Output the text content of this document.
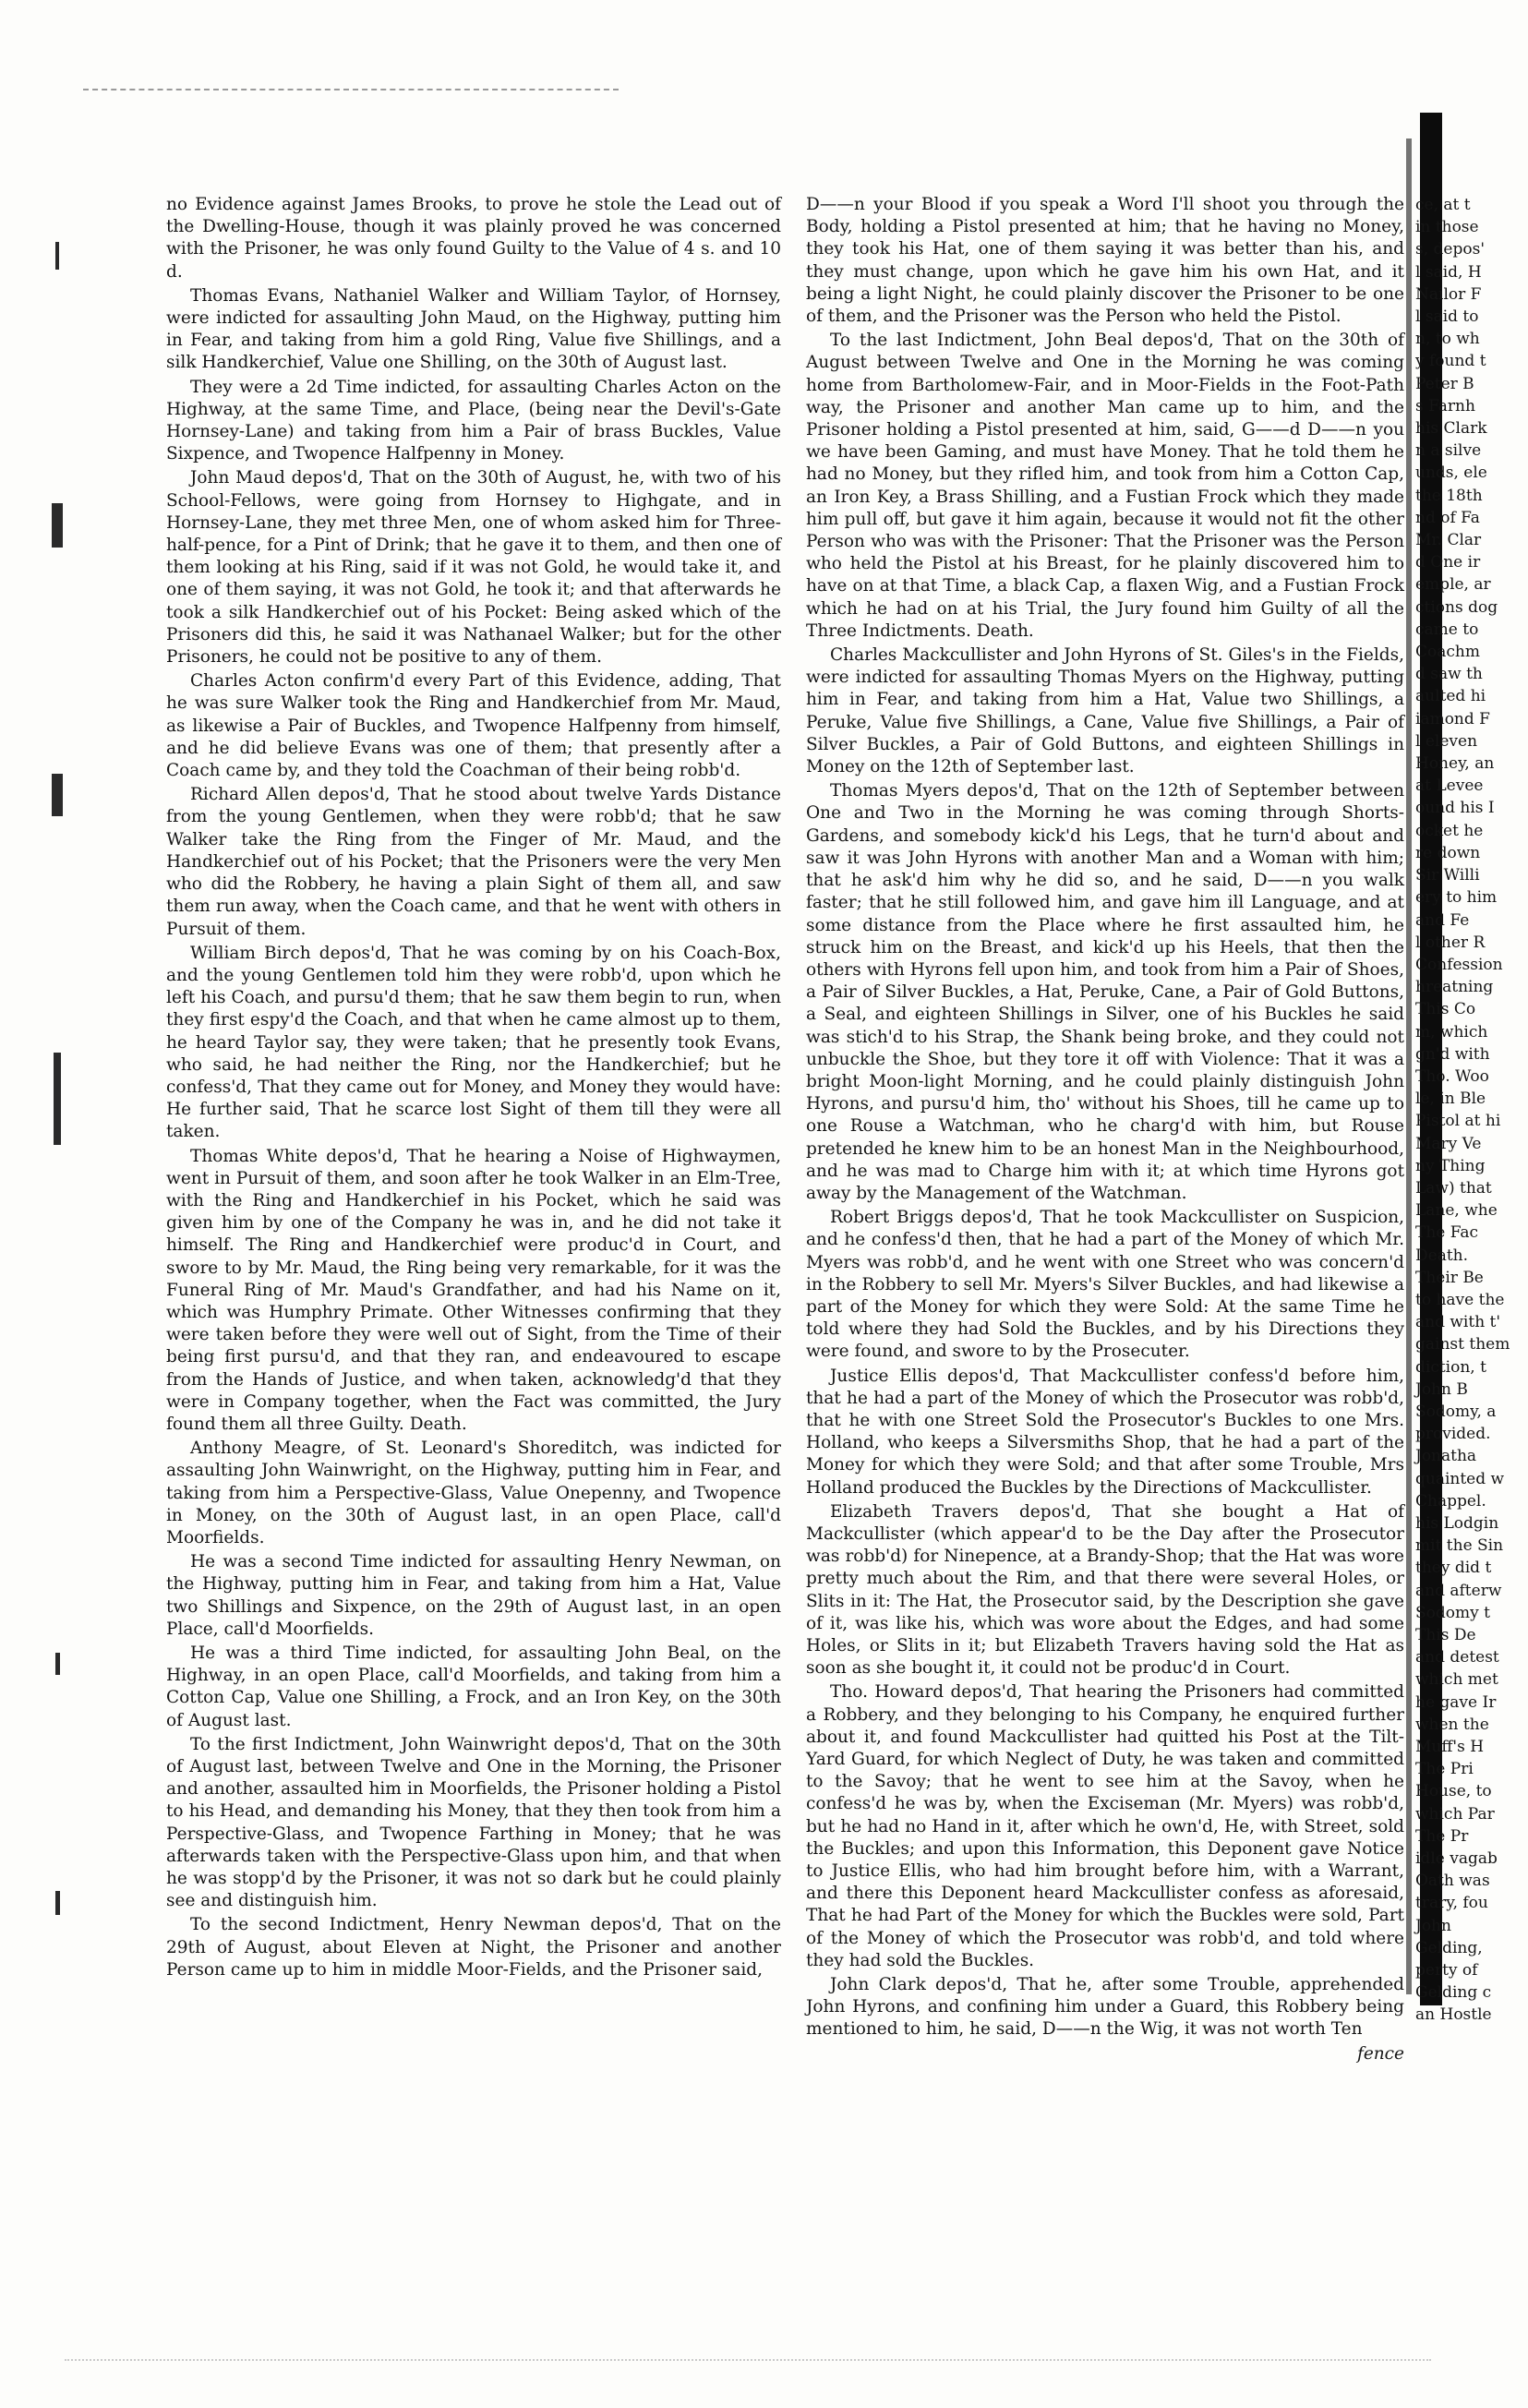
no Evidence against James Brooks, to prove he stole the Lead out of the Dwelling-House, though it was plainly proved he was concerned with the Prisoner, he was only found Guilty to the Value of 4 s. and 10 d.

Thomas Evans, Nathaniel Walker and William Taylor, of Hornsey, were indicted for assaulting John Maud, on the Highway, putting him in Fear, and taking from him a gold Ring, Value five Shillings, and a silk Handkerchief, Value one Shilling, on the 30th of August last.

They were a 2d Time indicted, for assaulting Charles Acton on the Highway, at the same Time, and Place, (being near the Devil's-Gate Hornsey-Lane) and taking from him a Pair of brass Buckles, Value Sixpence, and Twopence Halfpenny in Money.

John Maud depos'd, That on the 30th of August, he, with two of his School-Fellows, were going from Hornsey to Highgate, and in Hornsey-Lane, they met three Men, one of whom asked him for Three-half-pence, for a Pint of Drink; that he gave it to them, and then one of them looking at his Ring, said if it was not Gold, he would take it, and one of them saying, it was not Gold, he took it; and that afterwards he took a silk Handkerchief out of his Pocket: Being asked which of the Prisoners did this, he said it was Nathanael Walker; but for the other Prisoners, he could not be positive to any of them.

Charles Acton confirm'd every Part of this Evidence, adding, That he was sure Walker took the Ring and Handkerchief from Mr. Maud, as likewise a Pair of Buckles, and Twopence Halfpenny from himself, and he did believe Evans was one of them; that presently after a Coach came by, and they told the Coachman of their being robb'd.

Richard Allen depos'd, That he stood about twelve Yards Distance from the young Gentlemen, when they were robb'd; that he saw Walker take the Ring from the Finger of Mr. Maud, and the Handkerchief out of his Pocket; that the Prisoners were the very Men who did the Robbery, he having a plain Sight of them all, and saw them run away, when the Coach came, and that he went with others in Pursuit of them.

William Birch depos'd, That he was coming by on his Coach-Box, and the young Gentlemen told him they were robb'd, upon which he left his Coach, and pursu'd them; that he saw them begin to run, when they first espy'd the Coach, and that when he came almost up to them, he heard Taylor say, they were taken; that he presently took Evans, who said, he had neither the Ring, nor the Handkerchief; but he confess'd, That they came out for Money, and Money they would have: He further said, That he scarce lost Sight of them till they were all taken.

Thomas White depos'd, That he hearing a Noise of Highwaymen, went in Pursuit of them, and soon after he took Walker in an Elm-Tree, with the Ring and Handkerchief in his Pocket, which he said was given him by one of the Company he was in, and he did not take it himself. The Ring and Handkerchief were produc'd in Court, and swore to by Mr. Maud, the Ring being very remarkable, for it was the Funeral Ring of Mr. Maud's Grandfather, and had his Name on it, which was Humphry Primate. Other Witnesses confirming that they were taken before they were well out of Sight, from the Time of their being first pursu'd, and that they ran, and endeavoured to escape from the Hands of Justice, and when taken, acknowledg'd that they were in Company together, when the Fact was committed, the Jury found them all three Guilty. Death.

Anthony Meagre, of St. Leonard's Shoreditch, was indicted for assaulting John Wainwright, on the Highway, putting him in Fear, and taking from him a Perspective-Glass, Value Onepenny, and Twopence in Money, on the 30th of August last, in an open Place, call'd Moorfields.

He was a second Time indicted for assaulting Henry Newman, on the Highway, putting him in Fear, and taking from him a Hat, Value two Shillings and Sixpence, on the 29th of August last, in an open Place, call'd Moorfields.

He was a third Time indicted, for assaulting John Beal, on the Highway, in an open Place, call'd Moorfields, and taking from him a Cotton Cap, Value one Shilling, a Frock, and an Iron Key, on the 30th of August last.

To the first Indictment, John Wainwright depos'd, That on the 30th of August last, between Twelve and One in the Morning, the Prisoner and another, assaulted him in Moorfields, the Prisoner holding a Pistol to his Head, and demanding his Money, that they then took from him a Perspective-Glass, and Twopence Farthing in Money; that he was afterwards taken with the Perspective-Glass upon him, and that when he was stopp'd by the Prisoner, it was not so dark but he could plainly see and distinguish him.

To the second Indictment, Henry Newman depos'd, That on the 29th of August, about Eleven at Night, the Prisoner and another Person came up to him in middle Moor-Fields, and the Prisoner said,

D——n your Blood if you speak a Word I'll shoot you through the Body, holding a Pistol presented at him; that he having no Money, they took his Hat, one of them saying it was better than his, and they must change, upon which he gave him his own Hat, and it being a light Night, he could plainly discover the Prisoner to be one of them, and the Prisoner was the Person who held the Pistol.

To the last Indictment, John Beal depos'd, That on the 30th of August between Twelve and One in the Morning he was coming home from Bartholomew-Fair, and in Moor-Fields in the Foot-Path way, the Prisoner and another Man came up to him, and the Prisoner holding a Pistol presented at him, said, G——d D——n you we have been Gaming, and must have Money. That he told them he had no Money, but they rifled him, and took from him a Cotton Cap, an Iron Key, a Brass Shilling, and a Fustian Frock which they made him pull off, but gave it him again, because it would not fit the other Person who was with the Prisoner: That the Prisoner was the Person who held the Pistol at his Breast, for he plainly discovered him to have on at that Time, a black Cap, a flaxen Wig, and a Fustian Frock which he had on at his Trial, the Jury found him Guilty of all the Three Indictments. Death.

Charles Mackcullister and John Hyrons of St. Giles's in the Fields, were indicted for assaulting Thomas Myers on the Highway, putting him in Fear, and taking from him a Hat, Value two Shillings, a Peruke, Value five Shillings, a Cane, Value five Shillings, a Pair of Silver Buckles, a Pair of Gold Buttons, and eighteen Shillings in Money on the 12th of September last.

Thomas Myers depos'd, That on the 12th of September between One and Two in the Morning he was coming through Shorts-Gardens, and somebody kick'd his Legs, that he turn'd about and saw it was John Hyrons with another Man and a Woman with him; that he ask'd him why he did so, and he said, D——n you walk faster; that he still followed him, and gave him ill Language, and at some distance from the Place where he first assaulted him, he struck him on the Breast, and kick'd up his Heels, that then the others with Hyrons fell upon him, and took from him a Pair of Shoes, a Pair of Silver Buckles, a Hat, Peruke, Cane, a Pair of Gold Buttons, a Seal, and eighteen Shillings in Silver, one of his Buckles he said was stich'd to his Strap, the Shank being broke, and they could not unbuckle the Shoe, but they tore it off with Violence: That it was a bright Moon-light Morning, and he could plainly distinguish John Hyrons, and pursu'd him, tho' without his Shoes, till he came up to one Rouse a Watchman, who he charg'd with him, but Rouse pretended he knew him to be an honest Man in the Neighbourhood, and he was mad to Charge him with it; at which time Hyrons got away by the Management of the Watchman.

Robert Briggs depos'd, That he took Mackcullister on Suspicion, and he confess'd then, that he had a part of the Money of which Mr. Myers was robb'd, and he went with one Street who was concern'd in the Robbery to sell Mr. Myers's Silver Buckles, and had likewise a part of the Money for which they were Sold: At the same Time he told where they had Sold the Buckles, and by his Directions they were found, and swore to by the Prosecuter.

Justice Ellis depos'd, That Mackcullister confess'd before him, that he had a part of the Money of which the Prosecutor was robb'd, that he with one Street Sold the Prosecutor's Buckles to one Mrs. Holland, who keeps a Silversmiths Shop, that he had a part of the Money for which they were Sold; and that after some Trouble, Mrs Holland produced the Buckles by the Directions of Mackcullister.

Elizabeth Travers depos'd, That she bought a Hat of Mackcullister (which appear'd to be the Day after the Prosecutor was robb'd) for Ninepence, at a Brandy-Shop; that the Hat was wore pretty much about the Rim, and that there were several Holes, or Slits in it: The Hat, the Prosecutor said, by the Description she gave of it, was like his, which was wore about the Edges, and had some Holes, or Slits in it; but Elizabeth Travers having sold the Hat as soon as she bought it, it could not be produc'd in Court.

Tho. Howard depos'd, That hearing the Prisoners had committed a Robbery, and they belonging to his Company, he enquired further about it, and found Mackcullister had quitted his Post at the Tilt-Yard Guard, for which Neglect of Duty, he was taken and committed to the Savoy; that he went to see him at the Savoy, when he confess'd he was by, when the Exciseman (Mr. Myers) was robb'd, but he had no Hand in it, after which he own'd, He, with Street, sold the Buckles; and upon this Information, this Deponent gave Notice to Justice Ellis, who had him brought before him, with a Warrant, and there this Deponent heard Mackcullister confess as aforesaid, That he had Part of the Money for which the Buckles were sold, Part of the Money of which the Prosecutor was robb'd, and told where they had sold the Buckles.

John Clark depos'd, That he, after some Trouble, apprehended John Hyrons, and confining him under a Guard, this Robbery being mentioned to him, he said, D——n the Wig, it was not worth Ten

fence

ce, at t
in those
s, depos'
l said, H
Nailor F
l said to
n, to wh
y found t
Peter B
s Farnh
his Clark
n a silve
unds, ele
the 18th
nd of Fa
Mr. Clar
d One ir
emple, ar
ctions dog
came to
Coachm
d saw th
aulted hi
iamond F
l eleven
Honey, an
at Levee
ound his I
ocket he
re down
Sir Willi
ery to him
and Fe
l other R
Confession
hreatning
This Co
m, which
gn'd with
Tho. Woo
le, in Ble
Pistol at hi
Mary Ve
ny Thing
Law) that
Lane, whe
The Fac
Death.
Their Be
to have the
and with t'
gainst them
diction, t
John B
Sodomy, a
provided.
Jonatha
quainted w
Chappel.
his Lodgin
mit the Sin
they did t
and afterw
Sodomy t
This De
and detest
which met
he gave Ir
when the
Muff's H
The Pri
House, to
which Par
The Pr
idle vagab
Oath was
trary, fou
John
Gelding,
perty of
Gelding c
an Hostle
